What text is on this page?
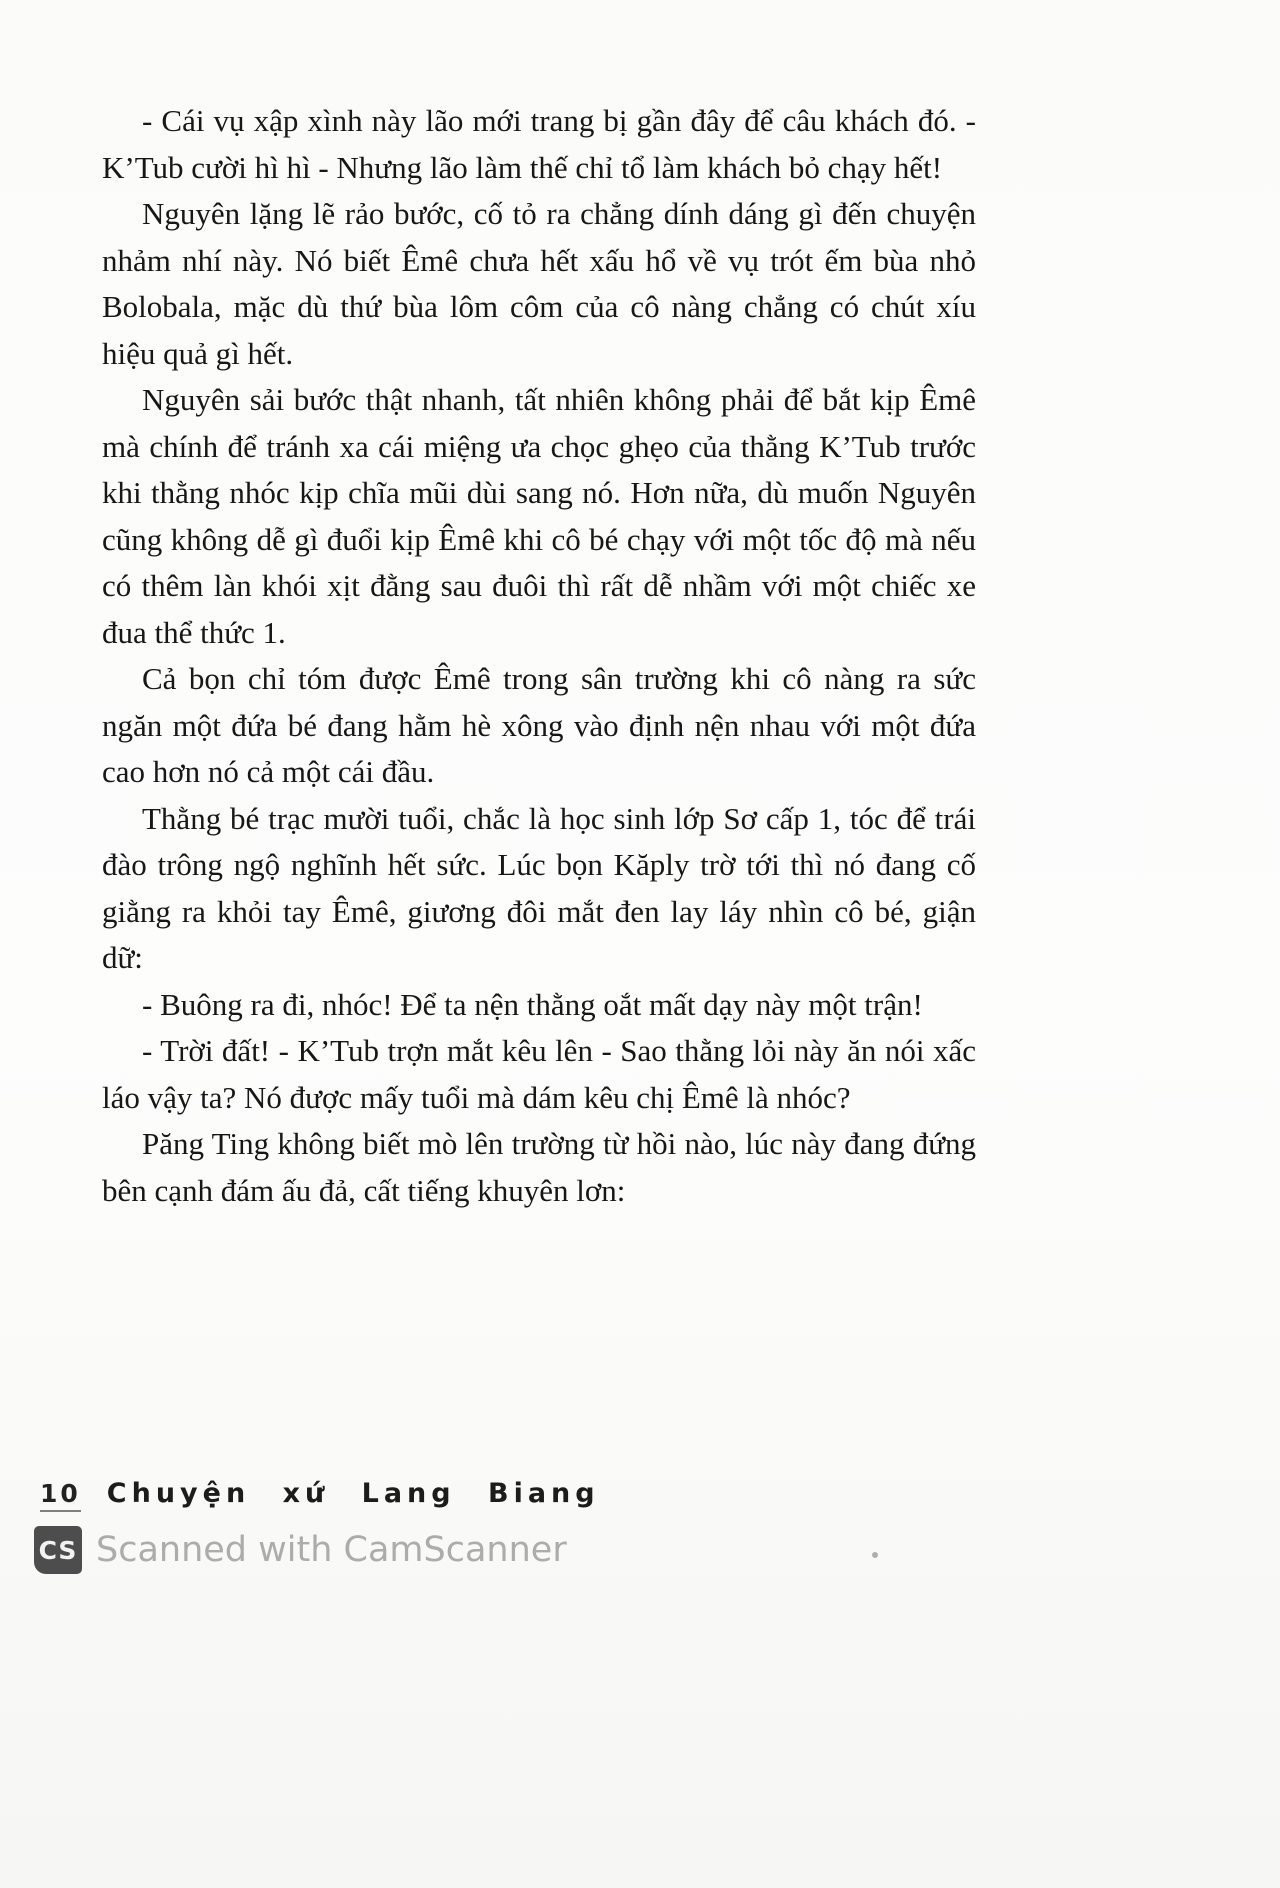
- Cái vụ xập xình này lão mới trang bị gần đây để câu khách đó. - K’Tub cười hì hì - Nhưng lão làm thế chỉ tổ làm khách bỏ chạy hết!

Nguyên lặng lẽ rảo bước, cố tỏ ra chẳng dính dáng gì đến chuyện nhảm nhí này. Nó biết Êmê chưa hết xấu hổ về vụ trót ếm bùa nhỏ Bolobala, mặc dù thứ bùa lôm côm của cô nàng chẳng có chút xíu hiệu quả gì hết.

Nguyên sải bước thật nhanh, tất nhiên không phải để bắt kịp Êmê mà chính để tránh xa cái miệng ưa chọc ghẹo của thằng K’Tub trước khi thằng nhóc kịp chĩa mũi dùi sang nó. Hơn nữa, dù muốn Nguyên cũng không dễ gì đuổi kịp Êmê khi cô bé chạy với một tốc độ mà nếu có thêm làn khói xịt đằng sau đuôi thì rất dễ nhầm với một chiếc xe đua thể thức 1.

Cả bọn chỉ tóm được Êmê trong sân trường khi cô nàng ra sức ngăn một đứa bé đang hằm hè xông vào định nện nhau với một đứa cao hơn nó cả một cái đầu.

Thằng bé trạc mười tuổi, chắc là học sinh lớp Sơ cấp 1, tóc để trái đào trông ngộ nghĩnh hết sức. Lúc bọn Kăply trờ tới thì nó đang cố giằng ra khỏi tay Êmê, giương đôi mắt đen lay láy nhìn cô bé, giận dữ:

- Buông ra đi, nhóc! Để ta nện thằng oắt mất dạy này một trận!

- Trời đất! - K’Tub trợn mắt kêu lên - Sao thằng lỏi này ăn nói xấc láo vậy ta? Nó được mấy tuổi mà dám kêu chị Êmê là nhóc?

Păng Ting không biết mò lên trường từ hồi nào, lúc này đang đứng bên cạnh đám ấu đả, cất tiếng khuyên lơn:

10 Chuyện xứ Lang Biang
CS Scanned with CamScanner
